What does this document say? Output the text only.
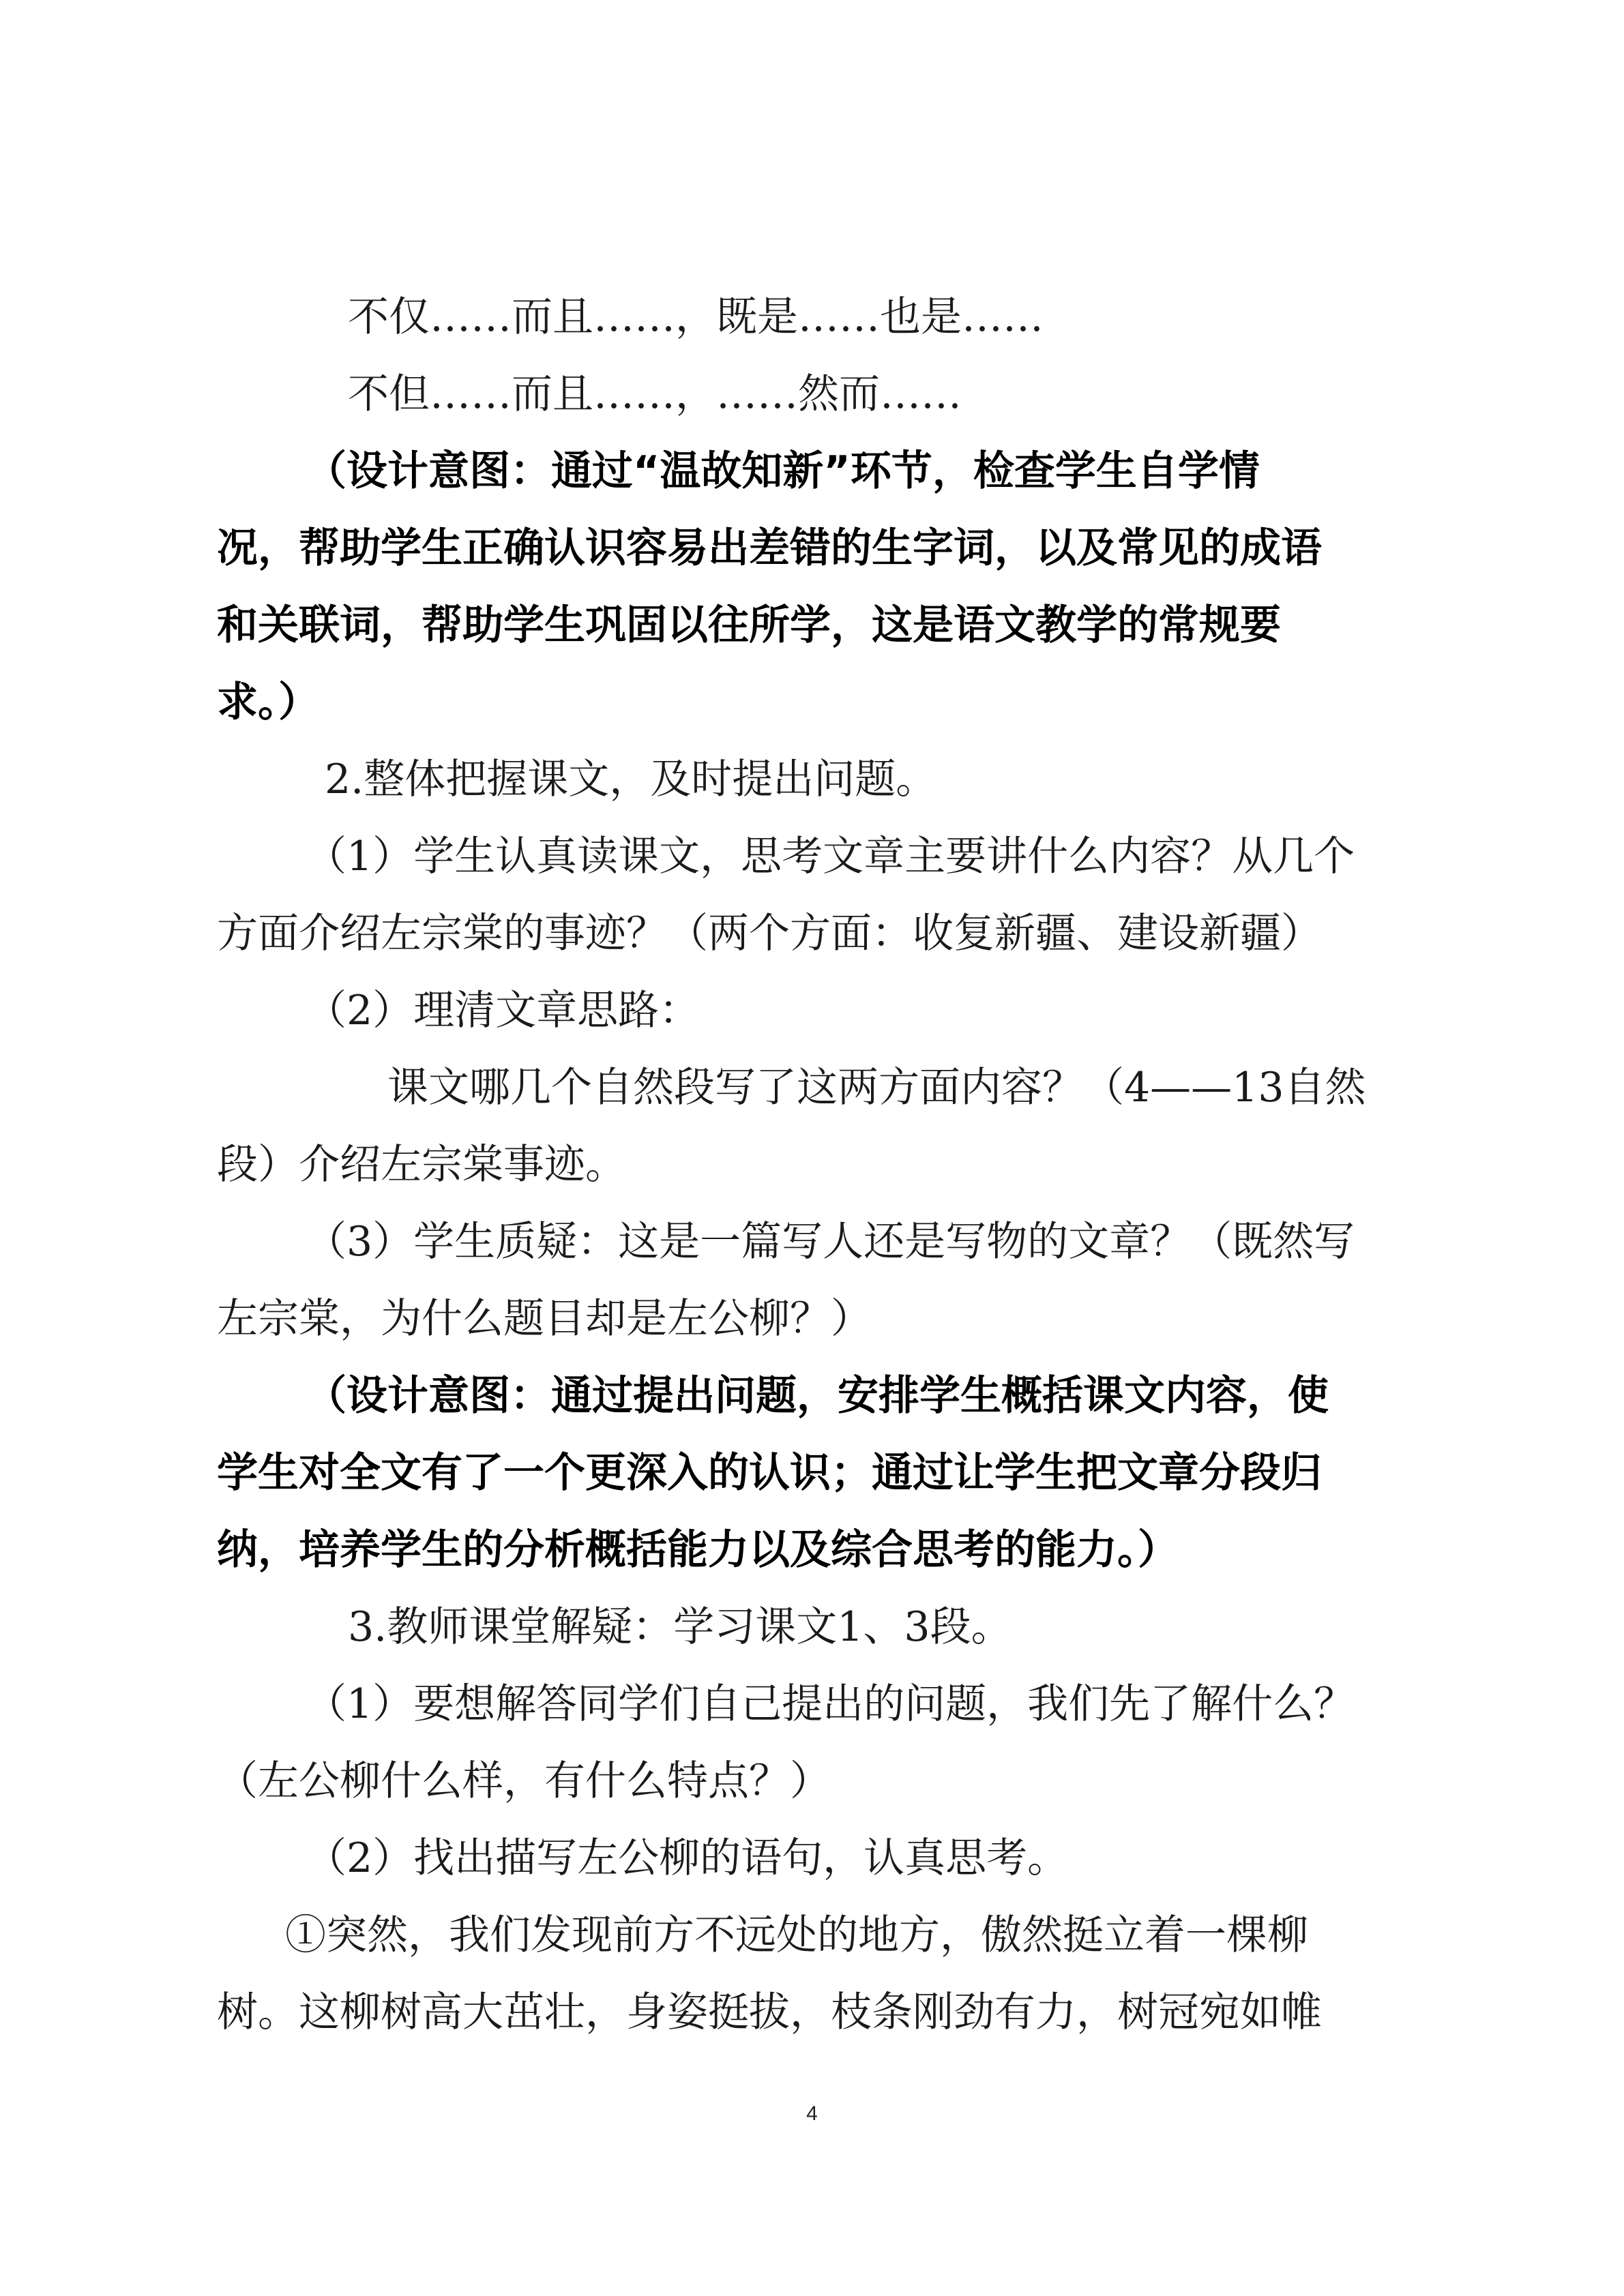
不仅……而且……，既是……也是……

不但……而且……，……然而……

（设计意图：通过“温故知新”环节，检查学生自学情

况，帮助学生正确认识容易出差错的生字词，以及常见的成语

和关联词，帮助学生巩固以往所学，这是语文教学的常规要

求。）

2.整体把握课文，及时提出问题。

（1）学生认真读课文，思考文章主要讲什么内容？从几个

方面介绍左宗棠的事迹？（两个方面：收复新疆、建设新疆）

（2）理清文章思路：

课文哪几个自然段写了这两方面内容？（4——13自然

段）介绍左宗棠事迹。

（3）学生质疑：这是一篇写人还是写物的文章？（既然写

左宗棠，为什么题目却是左公柳？）

（设计意图：通过提出问题，安排学生概括课文内容，使

学生对全文有了一个更深入的认识；通过让学生把文章分段归

纳，培养学生的分析概括能力以及综合思考的能力。）

3.教师课堂解疑：学习课文1、3段。

（1）要想解答同学们自己提出的问题，我们先了解什么？

（左公柳什么样，有什么特点？）

（2）找出描写左公柳的语句，认真思考。

①突然，我们发现前方不远处的地方，傲然挺立着一棵柳

树。这柳树高大茁壮，身姿挺拔，枝条刚劲有力，树冠宛如帷

4
